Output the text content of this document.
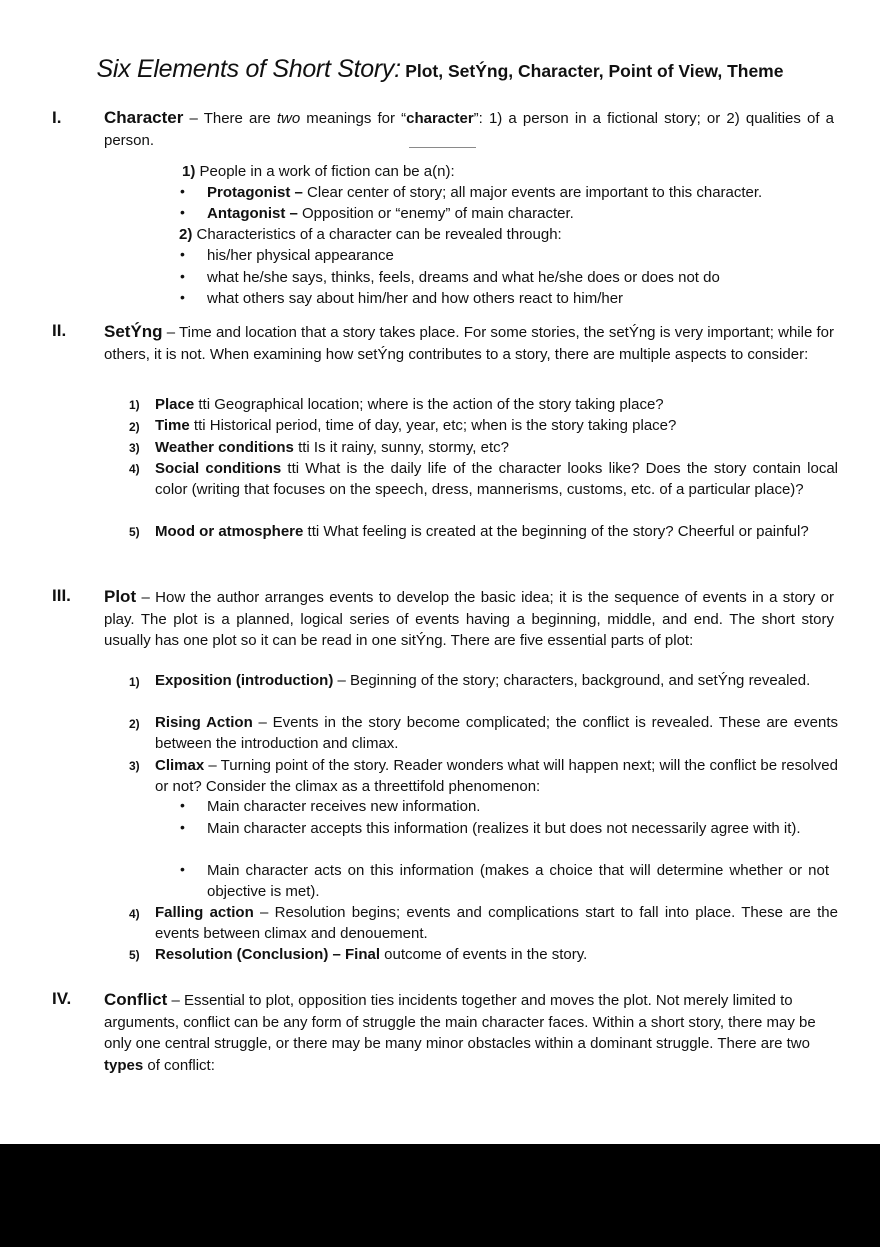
Six Elements of Short Story: Plot, SetÝng, Character, Point of View, Theme
I.	Character – There are two meanings for “character”: 1) a person in a fictional story; or 2) qualities of a person.
1) People in a work of fiction can be a(n):
• Protagonist – Clear center of story; all major events are important to this character.
• Antagonist – Opposition or “enemy” of main character.
2) Characteristics of a character can be revealed through:
• his/her physical appearance
• what he/she says, thinks, feels, dreams and what he/she does or does not do
• what others say about him/her and how others react to him/her
II. SetÝng – Time and location that a story takes place. For some stories, the setÝng is very important; while for others, it is not. When examining how setÝng contributes to a story, there are multiple aspects to consider:
1) Place tti Geographical location; where is the action of the story taking place?
2) Time tti Historical period, time of day, year, etc; when is the story taking place?
3) Weather conditions tti Is it rainy, sunny, stormy, etc?
4) Social conditions tti What is the daily life of the character looks like? Does the story contain local color (writing that focuses on the speech, dress, mannerisms, customs, etc. of a particular place)?
5) Mood or atmosphere tti What feeling is created at the beginning of the story? Cheerful or painful?
III. Plot – How the author arranges events to develop the basic idea; it is the sequence of events in a story or play. The plot is a planned, logical series of events having a beginning, middle, and end. The short story usually has one plot so it can be read in one sitÝng. There are five essential parts of plot:
1) Exposition (introduction) – Beginning of the story; characters, background, and setÝng revealed.
2) Rising Action – Events in the story become complicated; the conflict is revealed. These are events between the introduction and climax.
3) Climax – Turning point of the story. Reader wonders what will happen next; will the conflict be resolved or not? Consider the climax as a threettifold phenomenon:
• Main character receives new information.
• Main character accepts this information (realizes it but does not necessarily agree with it).
• Main character acts on this information (makes a choice that will determine whether or not objective is met).
4) Falling action – Resolution begins; events and complications start to fall into place. These are the events between climax and denouement.
5) Resolution (Conclusion) – Final outcome of events in the story.
IV. Conflict – Essential to plot, opposition ties incidents together and moves the plot. Not merely limited to arguments, conflict can be any form of struggle the main character faces. Within a short story, there may be only one central struggle, or there may be many minor obstacles within a dominant struggle. There are two types of conflict:
